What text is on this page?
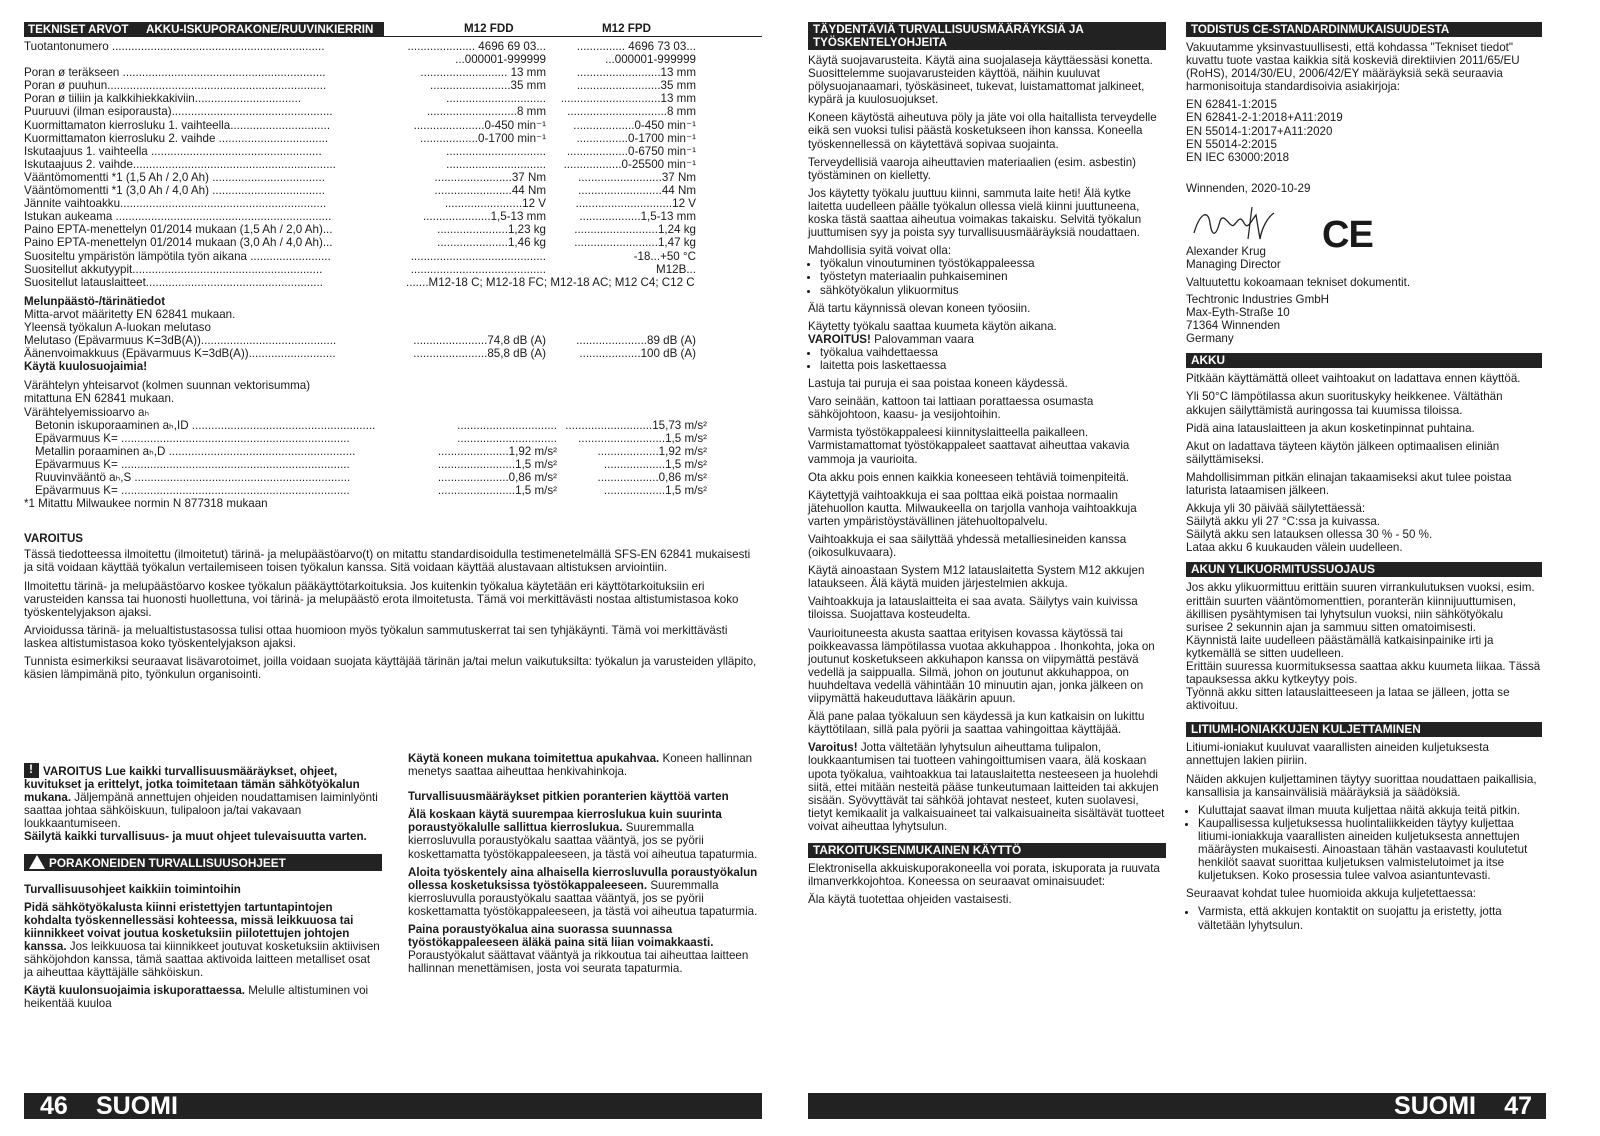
TEKNISET ARVOT	AKKU-ISKUPORAKONE/RUUVINKIERRIN	M12 FDD	M12 FPD
Tuotantonumero ..................................................................	..................... 4696 69 03...	............... 4696 73 03...
...000001-999999	...000001-999999
Poran ø teräkseen ...............................................................	........................... 13 mm	..........................13 mm
Poran ø puuhun....................................................................	.........................35 mm	..........................35 mm
Poran ø tiiliin ja kalkkihiekkakiviin.................................	...............................	...............................13 mm
Puuruuvi (ilman esiporausta)..................................................	............................8 mm	...............................8 mm
Kuormittamaton kierrosluku 1. vaihteella...............................	......................0-450 min⁻¹	...................0-450 min⁻¹
Kuormittamaton kierrosluku 2. vaihde ..................................	..................0-1700 min⁻¹	................0-1700 min⁻¹
Iskutaajuus 1. vaihteella .....................................................	...............................	...................0-6750 min⁻¹
Iskutaajuus 2. vaihde...............................................................	...............................	..................0-25500 min⁻¹
Vääntömomentti *1 (1,5 Ah / 2,0 Ah) ...................................	........................37 Nm	..........................37 Nm
Vääntömomentti *1 (3,0 Ah / 4,0 Ah) ...................................	........................44 Nm	..........................44 Nm
Jännite vaihtoakku................................................................	........................12 V	..............................12 V
Istukan aukeama ...................................................................	.....................1,5-13 mm	...................1,5-13 mm
Paino EPTA-menettelyn 01/2014 mukaan (1,5 Ah / 2,0 Ah)...	......................1,23 kg	..........................1,24 kg
Paino EPTA-menettelyn 01/2014 mukaan (3,0 Ah / 4,0 Ah)...	......................1,46 kg	..........................1,47 kg
Suositeltu ympäristön lämpötila työn aikana .........................	..........................................	-18...+50 °C
Suositellut akkutyypit...........................................................	..........................................	M12B...
Suositellut latauslaitteet.......................................................	.......M12-18 C; M12-18 FC; M12-18 AC; M12 C4; C12 C

Melunpäästö-/tärinätiedot

Mitta-arvot määritetty EN 62841 mukaan.
Yleensä työkalun A-luokan melutaso
Melutaso (Epävarmuus K=3dB(A))..........................................	.......................74,8 dB (A)	......................89 dB (A)
Äänenvoimakkuus (Epävarmuus K=3dB(A))...........................	.......................85,8 dB (A)	...................100 dB (A)
Käytä kuulosuojaimia!
Värähtelyn yhteisarvot (kolmen suunnan vektorisumma)
mitattuna EN 62841 mukaan.
Värähtelyemissioarvo aₕ
Betonin iskuporaaminen aₕ,ID .........................................................	............................... ...........................15,73 m/s²
Epävarmuus K= .......................................................................	...............................	...........................1,5 m/s²
Metallin poraaminen aₕ,D ..........................................................	......................1,92 m/s²	...................1,92 m/s²
Epävarmuus K= .......................................................................	........................1,5 m/s²	...................1,5 m/s²
Ruuvinvääntö aₕ,S ...................................................................	......................0,86 m/s²	...................0,86 m/s²
Epävarmuus K= .......................................................................	........................1,5 m/s²	...................1,5 m/s²
*1 Mitattu Milwaukee normin N 877318 mukaan

VAROITUS

Tässä tiedotteessa ilmoitettu (ilmoitetut) tärinä- ja melupäästöarvo(t) on mitattu standardisoidulla testimenetelmällä SFS-EN 62841 mukaisesti ja sitä voidaan käyttää työkalun vertailemiseen toisen työkalun kanssa. Sitä voidaan käyttää alustavaan altistuksen arviointiin.

Ilmoitettu tärinä- ja melupäästöarvo koskee työkalun pääkäyttötarkoituksia. Jos kuitenkin työkalua käytetään eri käyttötarkoituksiin eri varusteiden kanssa tai huonosti huollettuna, voi tärinä- ja melupäästö erota ilmoitetusta. Tämä voi merkittävästi nostaa altistumistasoa koko työskentelyjakson ajaksi.

Arvioidussa tärinä- ja melualtistustasossa tulisi ottaa huomioon myös työkalun sammutuskerrat tai sen tyhjäkäynti. Tämä voi merkittävästi laskea altistumistasoa koko työskentelyjakson ajaksi.

Tunnista esimerkiksi seuraavat lisävarotoimet, joilla voidaan suojata käyttäjää tärinän ja/tai melun vaikutuksilta: työkalun ja varusteiden ylläpito, käsien lämpimänä pito, työnkulun organisointi.

!VAROITUS Lue kaikki turvallisuusmääräykset, ohjeet, kuvitukset ja erittelyt, jotka toimitetaan tämän sähkötyökalun mukana. Jäljempänä annettujen ohjeiden noudattamisen laiminlyönti saattaa johtaa sähköiskuun, tulipaloon ja/tai vakavaan loukkaantumiseen.

Säilytä kaikki turvallisuus- ja muut ohjeet tulevaisuutta varten.

PORAKONEIDEN TURVALLISUUSOHJEET

Turvallisuusohjeet kaikkiin toimintoihin

Pidä sähkötyökalusta kiinni eristettyjen tartuntapintojen kohdalta työskennellessäsi kohteessa, missä leikkuuosa tai kiinnikkeet voivat joutua kosketuksiin piilotettujen johtojen kanssa. Jos leikkuuosa tai kiinnikkeet joutuvat kosketuksiin aktiivisen sähköjohdon kanssa, tämä saattaa aktivoida laitteen metalliset osat ja aiheuttaa käyttäjälle sähköiskun.

Käytä kuulonsuojaimia iskuporattaessa. Melulle altistuminen voi heikentää kuuloa

Käytä koneen mukana toimitettua apukahvaa. Koneen hallinnan menetys saattaa aiheuttaa henkivahinkoja.

Turvallisuusmääräykset pitkien poranterien käyttöä varten

Älä koskaan käytä suurempaa kierroslukua kuin suurinta poraustyökalulle sallittua kierroslukua. Suuremmalla kierrosluvulla poraustyökalu saattaa vääntyä, jos se pyörii koskettamatta työstökappaleeseen, ja tästä voi aiheutua tapaturmia.

Aloita työskentely aina alhaisella kierrosluvulla poraustyökalun ollessa kosketuksissa työstökappaleeseen. Suuremmalla kierrosluvulla poraustyökalu saattaa vääntyä, jos se pyörii koskettamatta työstökappaleeseen, ja tästä voi aiheutua tapaturmia.

Paina poraustyökalua aina suorassa suunnassa työstökappaleeseen äläkä paina sitä liian voimakkaasti. Poraustyökalut säättavat vääntyä ja rikkoutua tai aiheuttaa laitteen hallinnan menettämisen, josta voi seurata tapaturmia.

46 SUOMI
TÄYDENTÄVIÄ TURVALLISUUSMÄÄRÄYKSIÄ JA TYÖSKENTELYOHJEITA

Käytä suojavarusteita. Käytä aina suojalaseja käyttäessäsi konetta. Suosittelemme suojavarusteiden käyttöä, näihin kuuluvat pölysuojanaamari, työskäsineet, tukevat, luistamattomat jalkineet, kypärä ja kuulosuojukset.

Koneen käytöstä aiheutuva pöly ja jäte voi olla haitallista terveydelle eikä sen vuoksi tulisi päästä kosketukseen ihon kanssa. Koneella työskennellessä on käytettävä sopivaa suojainta.

Terveydellisiä vaaroja aiheuttavien materiaalien (esim. asbestin) työstäminen on kielletty.

Jos käytetty työkalu juuttuu kiinni, sammuta laite heti! Älä kytke laitetta uudelleen päälle työkalun ollessa vielä kiinni juuttuneena, koska tästä saattaa aiheutua voimakas takaisku. Selvitä työkalun juuttumisen syy ja poista syy turvallisuusmääräyksiä noudattaen.

Mahdollisia syitä voivat olla:
• työkalun vinoutuminen työstökappaleessa
• työstetyn materiaalin puhkaiseminen
• sähkötyökalun ylikuormitus

Älä tartu käynnissä olevan koneen työosiin.

Käytetty työkalu saattaa kuumeta käytön aikana.
VAROITUS! Palovamman vaara
• työkalua vaihdettaessa
• laitetta pois laskettaessa

Lastuja tai puruja ei saa poistaa koneen käydessä.

Varo seinään, kattoon tai lattiaan porattaessa osumasta sähköjohtoon, kaasu- ja vesijohtoihin.

Varmista työstökappaleesi kiinnityslaitteella paikalleen. Varmistamattomat työstökappaleet saattavat aiheuttaa vakavia vammoja ja vaurioita.

Ota akku pois ennen kaikkia koneeseen tehtäviä toimenpiteitä.

Käytettyjä vaihtoakkuja ei saa polttaa eikä poistaa normaalin jätehuollon kautta. Milwaukeella on tarjolla vanhoja vaihtoakkuja varten ympäristöystävällinen jätehuoltopalvelu.

Vaihtoakkuja ei saa säilyttää yhdessä metalliesineiden kanssa (oikosulkuvaara).

Käytä ainoastaan System M12 latauslaitetta System M12 akkujen lataukseen. Älä käytä muiden järjestelmien akkuja.

Vaihtoakkuja ja latauslaitteita ei saa avata. Säilytys vain kuivissa tiloissa. Suojattava kosteudelta.

Vaurioituneesta akusta saattaa erityisen kovassa käytössä tai poikkeavassa lämpötilassa vuotaa akkuhappoa . Ihonkohta, joka on joutunut kosketukseen akkuhapon kanssa on viipymättä pestävä vedellä ja saippualla. Silmä, johon on joutunut akkuhappoa, on huuhdeltava vedellä vähintään 10 minuutin ajan, jonka jälkeen on viipymättä hakeuduttava lääkärin apuun.

Älä pane palaa työkaluun sen käydessä ja kun katkaisin on lukittu käyttötilaan, sillä pala pyörii ja saattaa vahingoittaa käyttäjää.

Varoitus! Jotta vältetään lyhytsulun aiheuttama tulipalon, loukkaantumisen tai tuotteen vahingoittumisen vaara, älä koskaan upota työkalua, vaihtoakkua tai latauslaitetta nesteeseen ja huolehdi siitä, ettei mitään nesteitä pääse tunkeutumaan laitteiden tai akkujen sisään. Syövyttävät tai sähköä johtavat nesteet, kuten suolavesi, tietyt kemikaalit ja valkaisuaineet tai valkaisuaineita sisältävät tuotteet voivat aiheuttaa lyhytsulun.

TARKOITUKSENMUKAINEN KÄYTTÖ

Elektronisella akkuiskuporakoneella voi porata, iskuporata ja ruuvata ilmanverkkojohtoa. Koneessa on seuraavat ominaisuudet:

Äla käytä tuotettaa ohjeiden vastaisesti.

TODISTUS CE-STANDARDINMUKAISUUDESTA

Vakuutamme yksinvastuullisesti, että kohdassa "Tekniset tiedot" kuvattu tuote vastaa kaikkia sitä koskeviä direktiivien 2011/65/EU (RoHS), 2014/30/EU, 2006/42/EY määräyksiä sekä seuraavia harmonisoituja standardisoivia asiakirjoja:

EN 62841-1:2015
EN 62841-2-1:2018+A11:2019
EN 55014-1:2017+A11:2020
EN 55014-2:2015
EN IEC 63000:2018
Winnenden, 2020-10-29
Alexander Krug
Managing Director
CE
Valtuutettu kokoamaan tekniset dokumentit.
Techtronic Industries GmbH
Max-Eyth-Straße 10
71364 Winnenden
Germany
AKKU

Pitkään käyttämättä olleet vaihtoakut on ladattava ennen käyttöä.

Yli 50°C lämpötilassa akun suorituskyky heikkenee. Vältäthän akkujen säilyttämistä auringossa tai kuumissa tiloissa.

Pidä aina latauslaitteen ja akun kosketinpinnat puhtaina.

Akut on ladattava täyteen käytön jälkeen optimaalisen eliniän säilyttämiseksi.

Mahdollisimman pitkän elinajan takaamiseksi akut tulee poistaa laturista lataamisen jälkeen.

Akkuja yli 30 päivää säilytettäessä:
Säilytä akku yli 27 °C:ssa ja kuivassa.
Säilytä akku sen latauksen ollessa 30 % - 50 %.
Lataa akku 6 kuukauden välein uudelleen.
AKUN YLIKUORMITUSSUOJAUS
Jos akku ylikuormittuu erittäin suuren virrankulutuksen vuoksi, esim. erittäin suurten vääntömomenttien, poranterän kiinnijuuttumisen, äkillisen pysähtymisen tai lyhytsulun vuoksi, niin sähkötyökalu surisee 2 sekunnin ajan ja sammuu sitten omatoimisesti.
Käynnistä laite uudelleen päästämällä katkaisinpainike irti ja kytkemällä se sitten uudelleen.
Erittäin suuressa kuormituksessa saattaa akku kuumeta liikaa. Tässä tapauksessa akku kytkeytyy pois.
Työnnä akku sitten latauslaitteeseen ja lataa se jälleen, jotta se aktivoituu.
LITIUMI-IONIAKKUJEN KULJETTAMINEN

Litiumi-ioniakut kuuluvat vaarallisten aineiden kuljetuksesta annettujen lakien piiriin.

Näiden akkujen kuljettaminen täytyy suorittaa noudattaen paikallisia, kansallisia ja kansainvälisiä määräyksiä ja säädöksiä.

• Kuluttajat saavat ilman muuta kuljettaa näitä akkuja teitä pitkin.
• Kaupallisessa kuljetuksessa huolintaliikkeiden täytyy kuljettaa litiumi-ioniakkuja vaarallisten aineiden kuljetuksesta annettujen määräysten mukaisesti. Ainoastaan tähän vastaavasti koulutetut henkilöt saavat suorittaa kuljetuksen valmistelutoimet ja itse kuljetuksen. Koko prosessia tulee valvoa asiantuntevasti.

Seuraavat kohdat tulee huomioida akkuja kuljetettaessa:

• Varmista, että akkujen kontaktit on suojattu ja eristetty, jotta vältetään lyhytsulun.
SUOMI 47
